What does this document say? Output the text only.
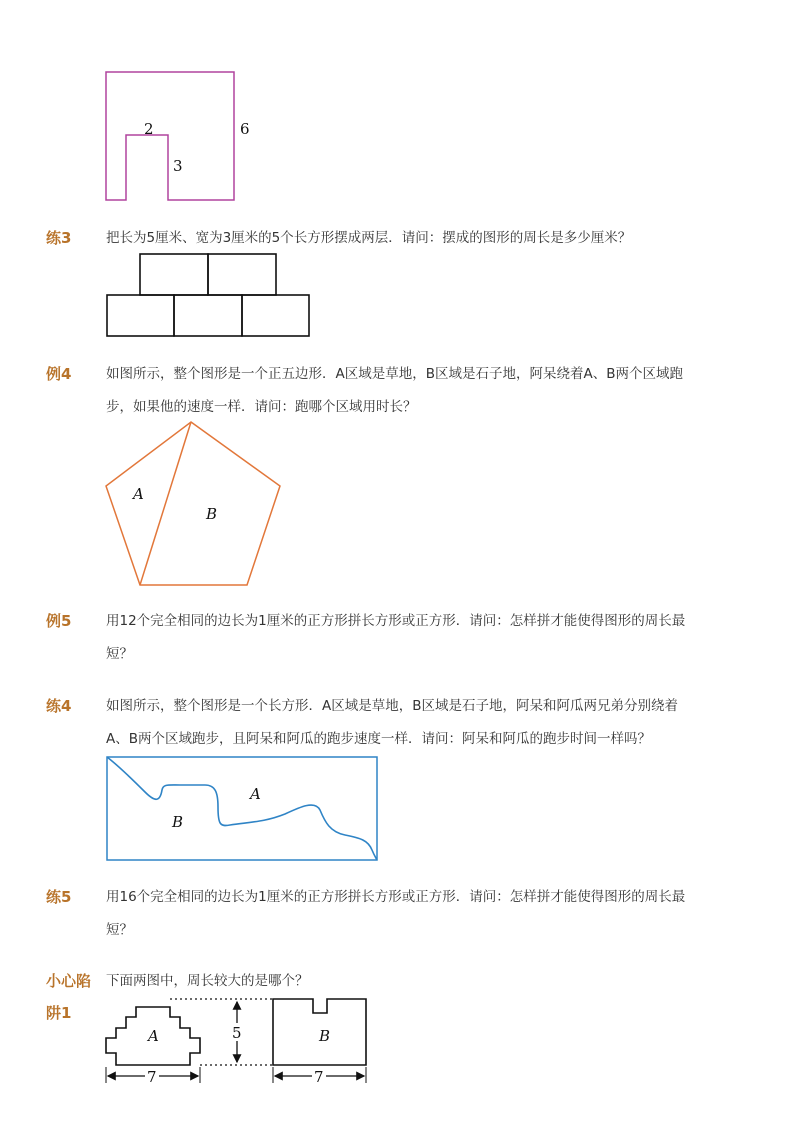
2
3
6
练3	把长为5厘米、宽为3厘米的5个长方形摆成两层．请问：摆成的图形的周长是多少厘米？
例4	如图所示，整个图形是一个正五边形．A区域是草地，B区域是石子地，阿呆绕着A、B两个区域跑
步，如果他的速度一样．请问：跑哪个区域用时长？
A
B
例5	用12个完全相同的边长为1厘米的正方形拼长方形或正方形．请问：怎样拼才能使得图形的周长最
短？
练4	如图所示，整个图形是一个长方形．A区域是草地，B区域是石子地，阿呆和阿瓜两兄弟分别绕着
A、B两个区域跑步，且阿呆和阿瓜的跑步速度一样．请问：阿呆和阿瓜的跑步时间一样吗？
A
B
练5	用16个完全相同的边长为1厘米的正方形拼长方形或正方形．请问：怎样拼才能使得图形的周长最
短？
小心陷
阱1
下面两图中，周长较大的是哪个？
A	B
5
7	7
